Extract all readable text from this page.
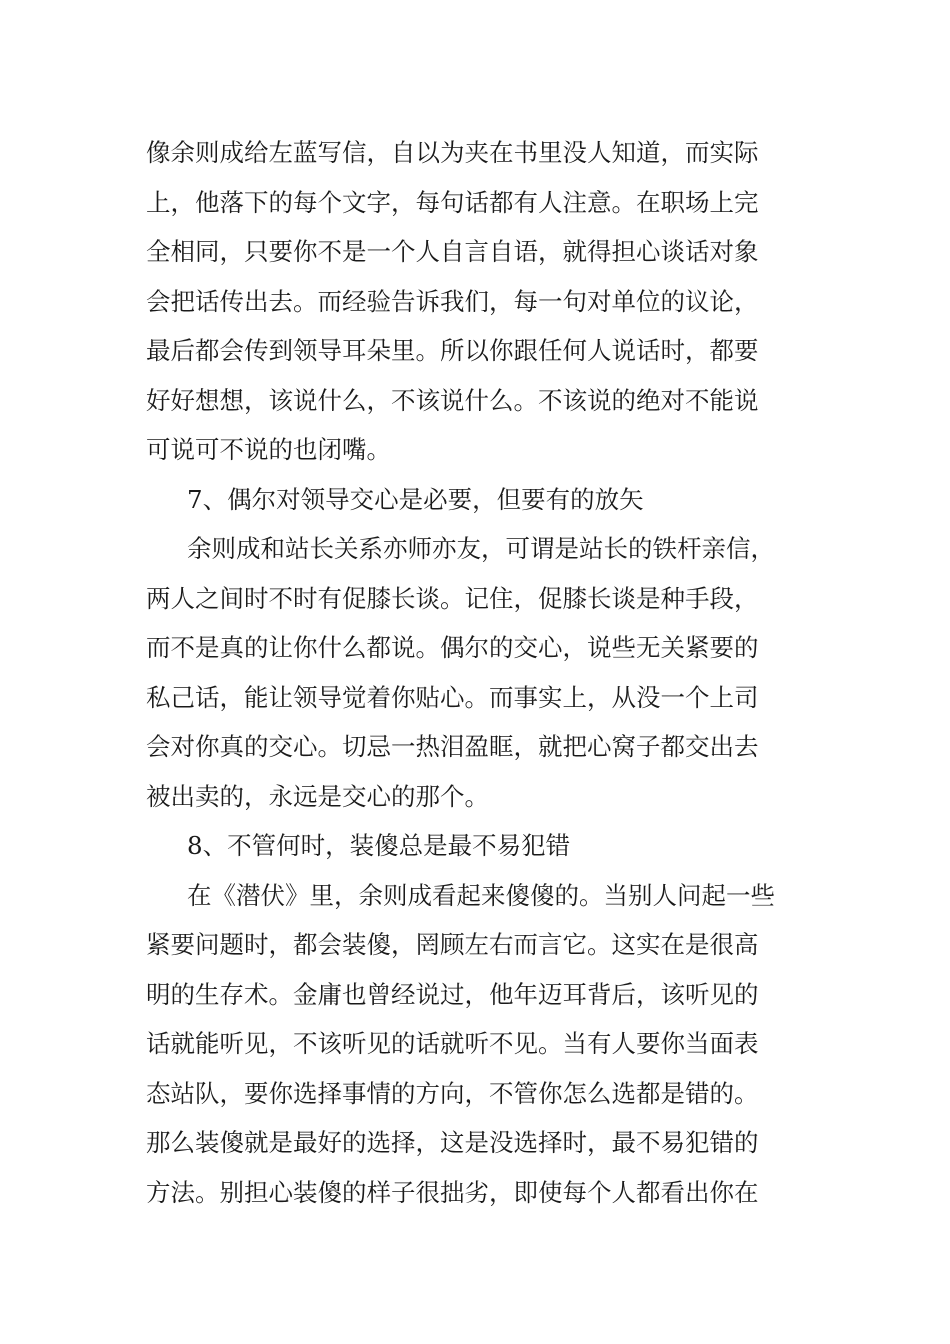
像余则成给左蓝写信，自以为夹在书里没人知道，而实际
上，他落下的每个文字，每句话都有人注意。在职场上完
全相同，只要你不是一个人自言自语，就得担心谈话对象
会把话传出去。而经验告诉我们，每一句对单位的议论，
最后都会传到领导耳朵里。所以你跟任何人说话时，都要
好好想想，该说什么，不该说什么。不该说的绝对不能说
可说可不说的也闭嘴。
7、偶尔对领导交心是必要，但要有的放矢
余则成和站长关系亦师亦友，可谓是站长的铁杆亲信，
两人之间时不时有促膝长谈。记住，促膝长谈是种手段，
而不是真的让你什么都说。偶尔的交心，说些无关紧要的
私己话，能让领导觉着你贴心。而事实上，从没一个上司
会对你真的交心。切忌一热泪盈眶，就把心窝子都交出去
被出卖的，永远是交心的那个。
8、不管何时，装傻总是最不易犯错
在《潜伏》里，余则成看起来傻傻的。当别人问起一些
紧要问题时，都会装傻，罔顾左右而言它。这实在是很高
明的生存术。金庸也曾经说过，他年迈耳背后，该听见的
话就能听见，不该听见的话就听不见。当有人要你当面表
态站队，要你选择事情的方向，不管你怎么选都是错的。
那么装傻就是最好的选择，这是没选择时，最不易犯错的
方法。别担心装傻的样子很拙劣，即使每个人都看出你在
